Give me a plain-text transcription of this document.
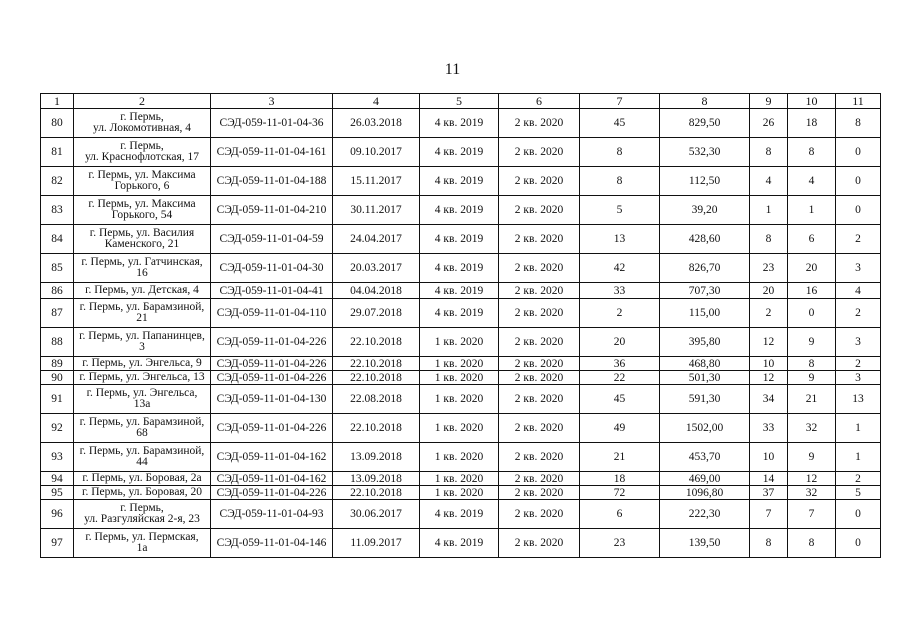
11
1	2	3	4	5	6	7	8	9	10	11
80	г. Пермь,
ул. Локомотивная, 4	СЭД-059-11-01-04-36	26.03.2018	4 кв. 2019	2 кв. 2020	45	829,50	26	18	8
81	г. Пермь,
ул. Краснофлотская, 17	СЭД-059-11-01-04-161	09.10.2017	4 кв. 2019	2 кв. 2020	8	532,30	8	8	0
82	г. Пермь, ул. Максима
Горького, 6	СЭД-059-11-01-04-188	15.11.2017	4 кв. 2019	2 кв. 2020	8	112,50	4	4	0
83	г. Пермь, ул. Максима
Горького, 54	СЭД-059-11-01-04-210	30.11.2017	4 кв. 2019	2 кв. 2020	5	39,20	1	1	0
84	г. Пермь, ул. Василия
Каменского, 21	СЭД-059-11-01-04-59	24.04.2017	4 кв. 2019	2 кв. 2020	13	428,60	8	6	2
85	г. Пермь, ул. Гатчинская,
16	СЭД-059-11-01-04-30	20.03.2017	4 кв. 2019	2 кв. 2020	42	826,70	23	20	3
86	г. Пермь, ул. Детская, 4	СЭД-059-11-01-04-41	04.04.2018	4 кв. 2019	2 кв. 2020	33	707,30	20	16	4
87	г. Пермь, ул. Барамзиной,
21	СЭД-059-11-01-04-110	29.07.2018	4 кв. 2019	2 кв. 2020	2	115,00	2	0	2
88	г. Пермь, ул. Папанинцев,
3	СЭД-059-11-01-04-226	22.10.2018	1 кв. 2020	2 кв. 2020	20	395,80	12	9	3
89	г. Пермь, ул. Энгельса, 9	СЭД-059-11-01-04-226	22.10.2018	1 кв. 2020	2 кв. 2020	36	468,80	10	8	2
90	г. Пермь, ул. Энгельса, 13	СЭД-059-11-01-04-226	22.10.2018	1 кв. 2020	2 кв. 2020	22	501,30	12	9	3
91	г. Пермь, ул. Энгельса,
13а	СЭД-059-11-01-04-130	22.08.2018	1 кв. 2020	2 кв. 2020	45	591,30	34	21	13
92	г. Пермь, ул. Барамзиной,
68	СЭД-059-11-01-04-226	22.10.2018	1 кв. 2020	2 кв. 2020	49	1502,00	33	32	1
93	г. Пермь, ул. Барамзиной,
44	СЭД-059-11-01-04-162	13.09.2018	1 кв. 2020	2 кв. 2020	21	453,70	10	9	1
94	г. Пермь, ул. Боровая, 2а	СЭД-059-11-01-04-162	13.09.2018	1 кв. 2020	2 кв. 2020	18	469,00	14	12	2
95	г. Пермь, ул. Боровая, 20	СЭД-059-11-01-04-226	22.10.2018	1 кв. 2020	2 кв. 2020	72	1096,80	37	32	5
96	г. Пермь,
ул. Разгуляйская 2-я, 23	СЭД-059-11-01-04-93	30.06.2017	4 кв. 2019	2 кв. 2020	6	222,30	7	7	0
97	г. Пермь, ул. Пермская,
1а	СЭД-059-11-01-04-146	11.09.2017	4 кв. 2019	2 кв. 2020	23	139,50	8	8	0
